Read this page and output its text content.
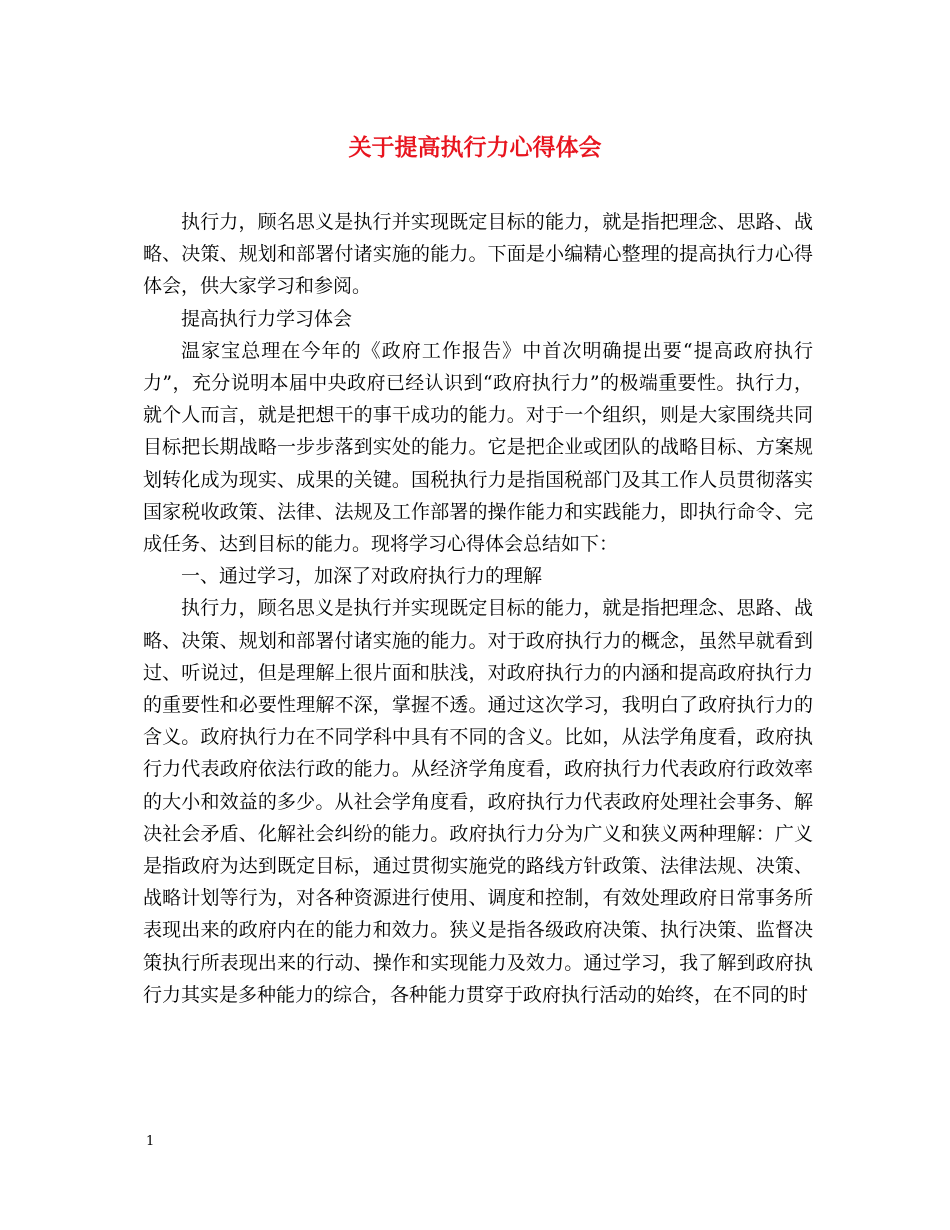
关于提高执行力心得体会

执行力，顾名思义是执行并实现既定目标的能力，就是指把理念、思路、战略、决策、规划和部署付诸实施的能力。下面是小编精心整理的提高执行力心得体会，供大家学习和参阅。

提高执行力学习体会

温家宝总理在今年的《政府工作报告》中首次明确提出要“提高政府执行力”，充分说明本届中央政府已经认识到“政府执行力”的极端重要性。执行力，就个人而言，就是把想干的事干成功的能力。对于一个组织，则是大家围绕共同目标把长期战略一步步落到实处的能力。它是把企业或团队的战略目标、方案规划转化成为现实、成果的关键。国税执行力是指国税部门及其工作人员贯彻落实国家税收政策、法律、法规及工作部署的操作能力和实践能力，即执行命令、完成任务、达到目标的能力。现将学习心得体会总结如下：

一、通过学习，加深了对政府执行力的理解

执行力，顾名思义是执行并实现既定目标的能力，就是指把理念、思路、战略、决策、规划和部署付诸实施的能力。对于政府执行力的概念，虽然早就看到过、听说过，但是理解上很片面和肤浅，对政府执行力的内涵和提高政府执行力的重要性和必要性理解不深，掌握不透。通过这次学习，我明白了政府执行力的含义。政府执行力在不同学科中具有不同的含义。比如，从法学角度看，政府执行力代表政府依法行政的能力。从经济学角度看，政府执行力代表政府行政效率的大小和效益的多少。从社会学角度看，政府执行力代表政府处理社会事务、解决社会矛盾、化解社会纠纷的能力。政府执行力分为广义和狭义两种理解：广义是指政府为达到既定目标，通过贯彻实施党的路线方针政策、法律法规、决策、战略计划等行为，对各种资源进行使用、调度和控制，有效处理政府日常事务所表现出来的政府内在的能力和效力。狭义是指各级政府决策、执行决策、监督决策执行所表现出来的行动、操作和实现能力及效力。通过学习，我了解到政府执行力其实是多种能力的综合，各种能力贯穿于政府执行活动的始终，在不同的时

1
